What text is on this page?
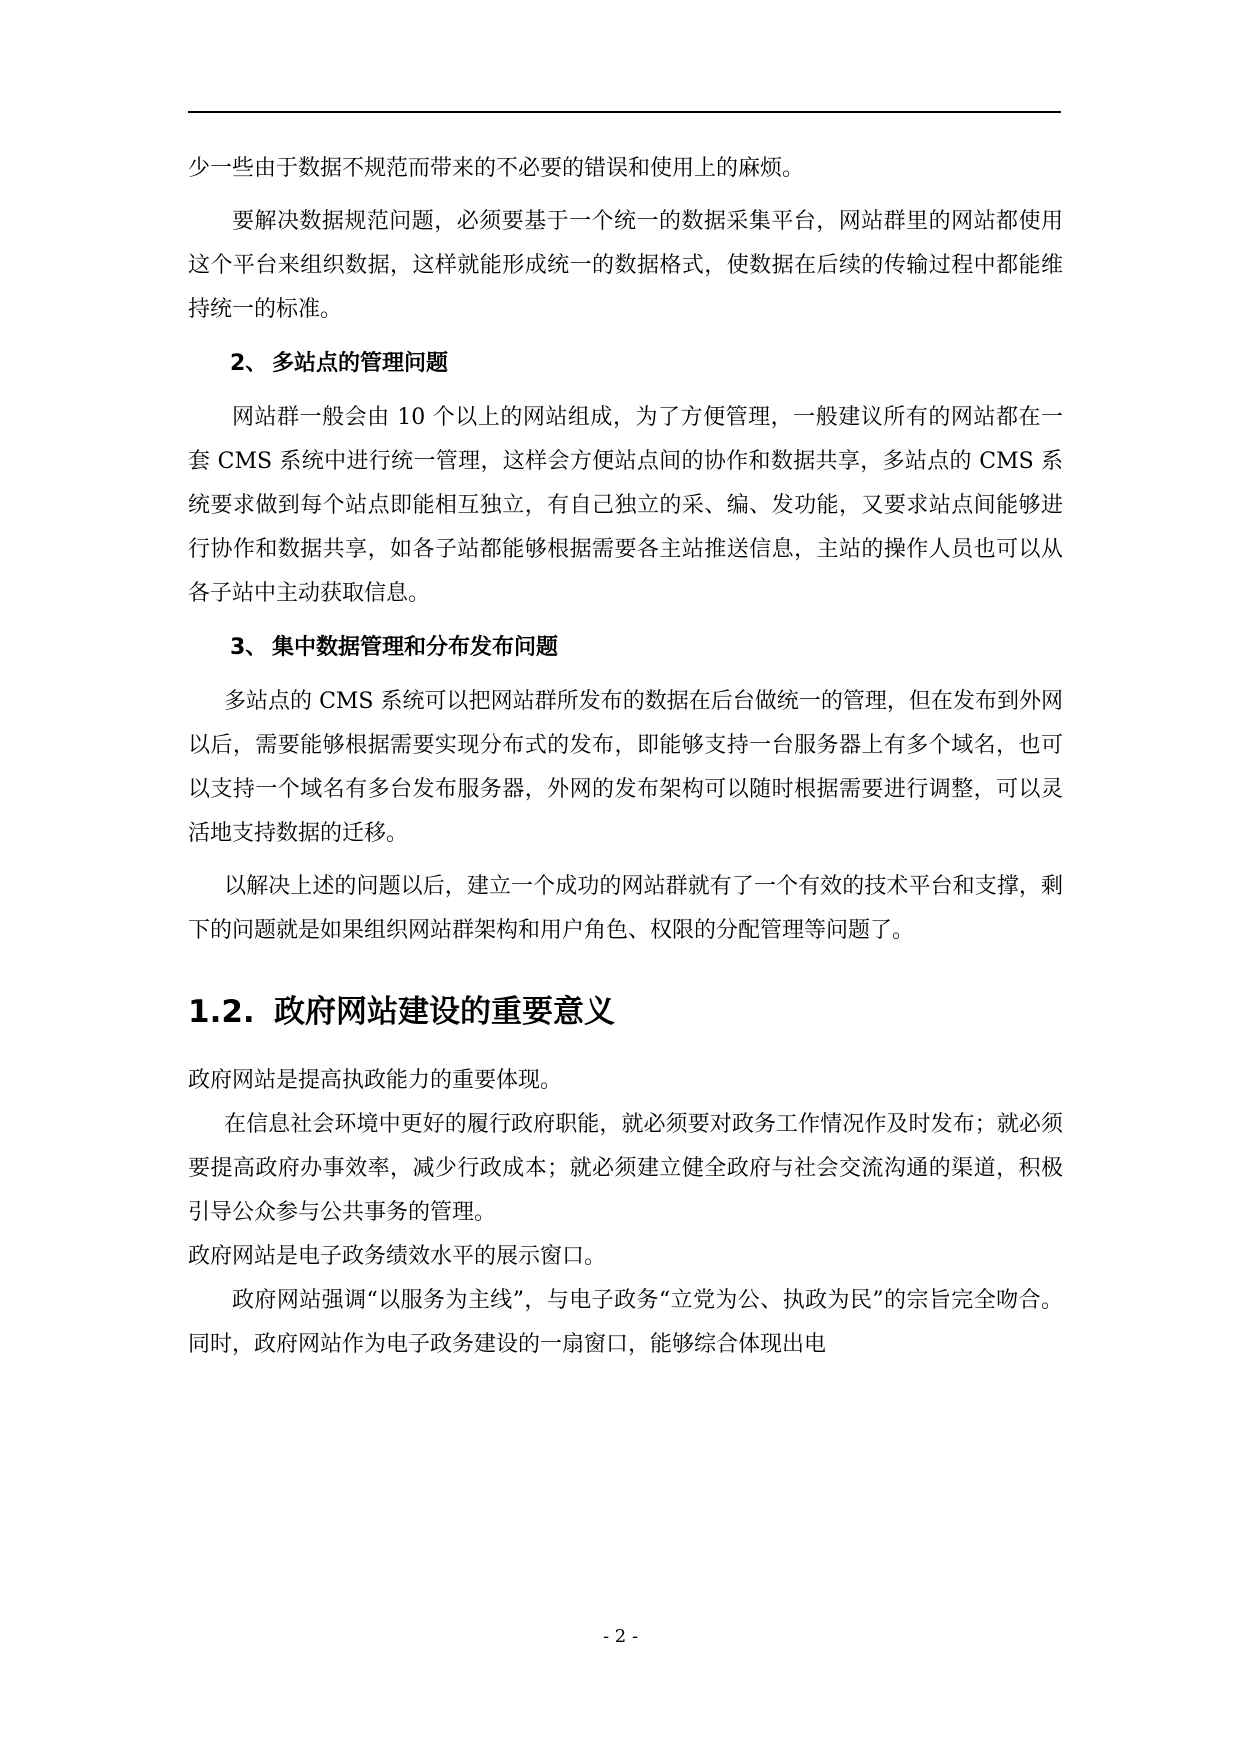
少一些由于数据不规范而带来的不必要的错误和使用上的麻烦。

要解决数据规范问题，必须要基于一个统一的数据采集平台，网站群里的网站都使用这个平台来组织数据，这样就能形成统一的数据格式，使数据在后续的传输过程中都能维持统一的标准。

2、 多站点的管理问题

网站群一般会由 10 个以上的网站组成，为了方便管理，一般建议所有的网站都在一套 CMS 系统中进行统一管理，这样会方便站点间的协作和数据共享，多站点的 CMS 系统要求做到每个站点即能相互独立，有自己独立的采、编、发功能，又要求站点间能够进行协作和数据共享，如各子站都能够根据需要各主站推送信息，主站的操作人员也可以从各子站中主动获取信息。

3、 集中数据管理和分布发布问题

多站点的 CMS 系统可以把网站群所发布的数据在后台做统一的管理，但在发布到外网以后，需要能够根据需要实现分布式的发布，即能够支持一台服务器上有多个域名，也可以支持一个域名有多台发布服务器，外网的发布架构可以随时根据需要进行调整，可以灵活地支持数据的迁移。

以解决上述的问题以后，建立一个成功的网站群就有了一个有效的技术平台和支撑，剩下的问题就是如果组织网站群架构和用户角色、权限的分配管理等问题了。

1.2. 政府网站建设的重要意义

政府网站是提高执政能力的重要体现。

在信息社会环境中更好的履行政府职能，就必须要对政务工作情况作及时发布；就必须要提高政府办事效率，减少行政成本；就必须建立健全政府与社会交流沟通的渠道，积极引导公众参与公共事务的管理。

政府网站是电子政务绩效水平的展示窗口。

政府网站强调“以服务为主线”，与电子政务“立党为公、执政为民”的宗旨完全吻合。同时，政府网站作为电子政务建设的一扇窗口，能够综合体现出电

- 2 -
